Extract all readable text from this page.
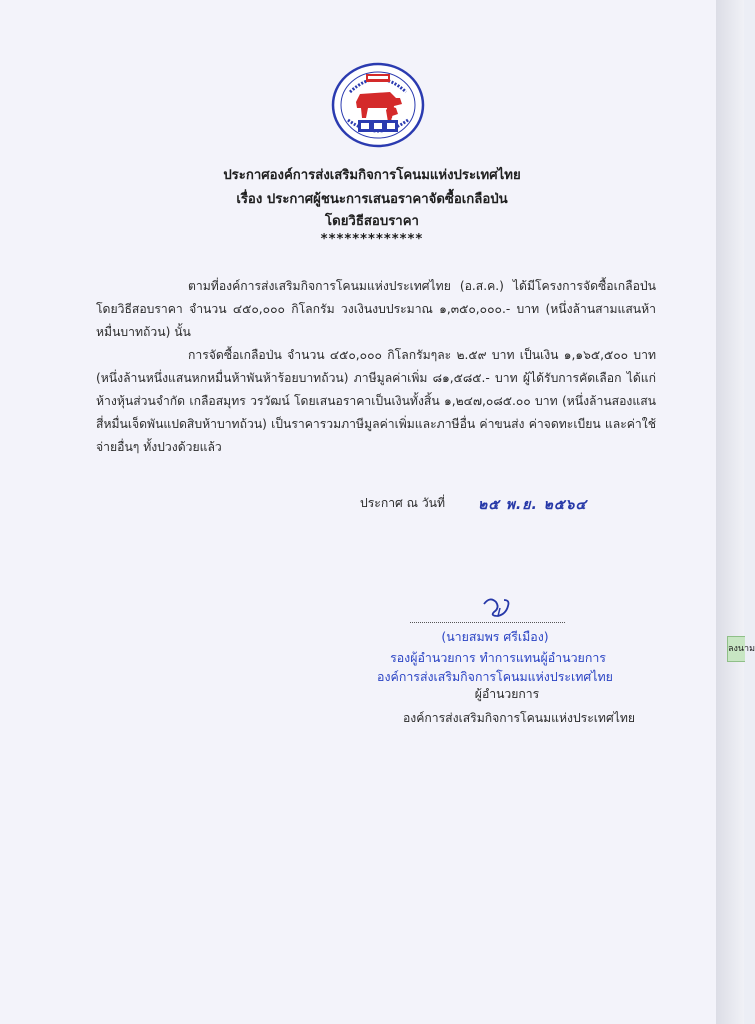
ประกาศองค์การส่งเสริมกิจการโคนมแห่งประเทศไทย
เรื่อง ประกาศผู้ชนะการเสนอราคาจัดซื้อเกลือป่น
โดยวิธีสอบราคา
*************
ตามที่องค์การส่งเสริมกิจการโคนมแห่งประเทศไทย (อ.ส.ค.) ได้มีโครงการจัดซื้อเกลือป่น โดยวิธีสอบราคา จำนวน ๔๕๐,๐๐๐ กิโลกรัม วงเงินงบประมาณ ๑,๓๕๐,๐๐๐.- บาท (หนึ่งล้านสามแสนห้าหมื่นบาทถ้วน) นั้น
การจัดซื้อเกลือป่น จำนวน ๔๕๐,๐๐๐ กิโลกรัมๆละ ๒.๕๙ บาท เป็นเงิน ๑,๑๖๕,๕๐๐ บาท (หนึ่งล้านหนึ่งแสนหกหมื่นห้าพันห้าร้อยบาทถ้วน) ภาษีมูลค่าเพิ่ม ๘๑,๕๘๕.- บาท ผู้ได้รับการคัดเลือก ได้แก่ห้างหุ้นส่วนจำกัด เกลือสมุทร วรวัฒน์ โดยเสนอราคาเป็นเงินทั้งสิ้น ๑,๒๔๗,๐๘๕.๐๐ บาท (หนึ่งล้านสองแสนสี่หมื่นเจ็ดพันแปดสิบห้าบาทถ้วน) เป็นราคารวมภาษีมูลค่าเพิ่มและภาษีอื่น ค่าขนส่ง ค่าจดทะเบียน และค่าใช้จ่ายอื่นๆ ทั้งปวงด้วยแล้ว
ประกาศ ณ วันที่ ๒๕ พ.ย. ๒๕๖๔
(นายสมพร ศรีเมือง)
รองผู้อำนวยการ ทำการแทนผู้อำนวยการ
องค์การส่งเสริมกิจการโคนมแห่งประเทศไทย
ผู้อำนวยการ
องค์การส่งเสริมกิจการโคนมแห่งประเทศไทย
ลงนาม
